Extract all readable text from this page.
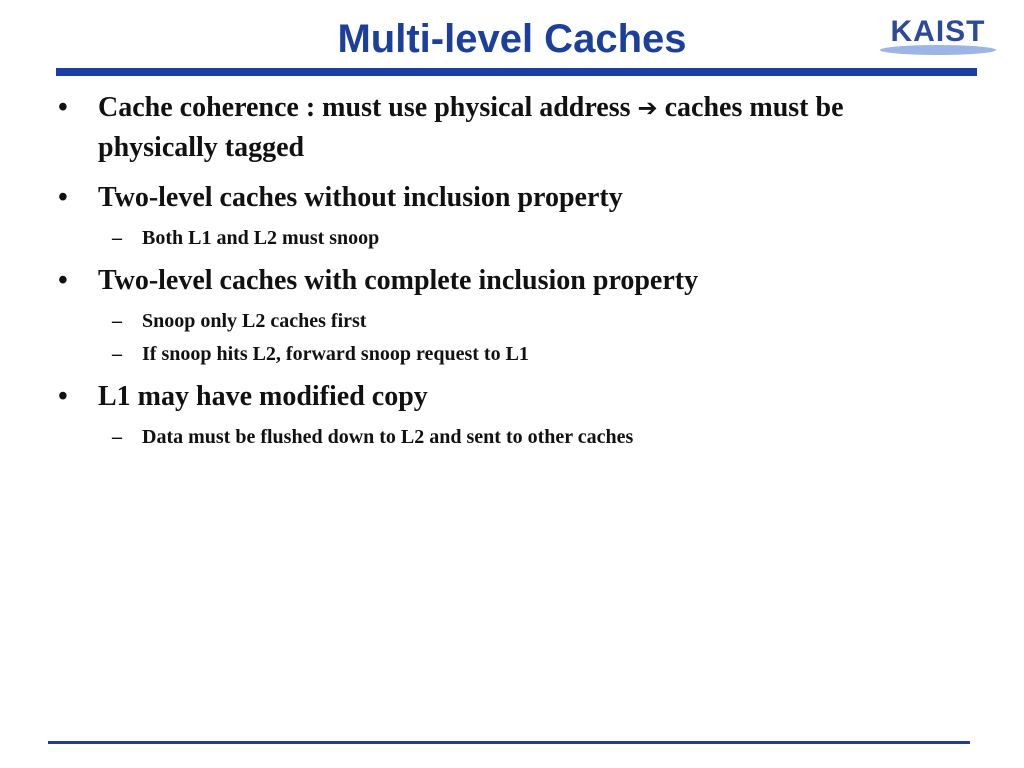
Multi-level Caches	KAIST
• Cache coherence : must use physical address ➔ caches must be physically tagged
• Two-level caches without inclusion property
– Both L1 and L2 must snoop
• Two-level caches with complete inclusion property
– Snoop only L2 caches first
– If snoop hits L2, forward snoop request to L1
• L1 may have modified copy
– Data must be flushed down to L2 and sent to other caches
